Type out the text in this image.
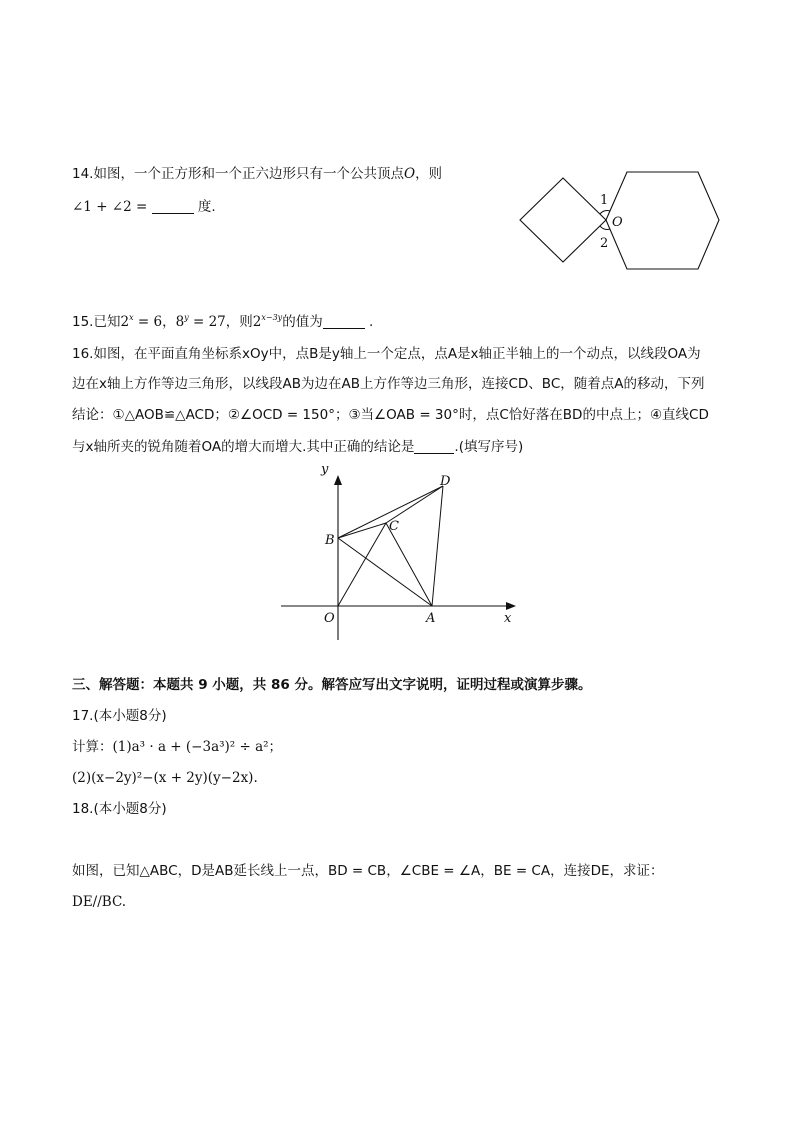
14.如图，一个正方形和一个正六边形只有一个公共顶点O，则
∠1 + ∠2 =	度.	1
2
O
15.已知$2^x = 6$，$8^y = 27$，则$2^{x-3y}$的值为	.
16.如图，在平面直角坐标系xOy中，点B是y轴上一个定点，点A是x轴正半轴上的一个动点，以线段OA为
边在x轴上方作等边三角形，以线段AB为边在AB上方作等边三角形，连接CD、BC，随着点A的移动，下列
结论：①△AOB≌△ACD；②∠OCD = 150°；③当∠OAB = 30°时，点C恰好落在BD的中点上；④直线CD
与x轴所夹的锐角随着OA的增大而增大.其中正确的结论是	.(填写序号)
y
x
O	A
B
C
D
三、解答题：本题共 9 小题，共 86 分。解答应写出文字说明，证明过程或演算步骤。
17.(本小题8分)
计算：(1)a³ · a + (−3a³)² ÷ a²；
(2)(x−2y)²−(x + 2y)(y−2x).
18.(本小题8分)
如图，已知△ABC，D是AB延长线上一点，BD = CB，∠CBE = ∠A，BE = CA，连接DE，求证：
DE//BC.
